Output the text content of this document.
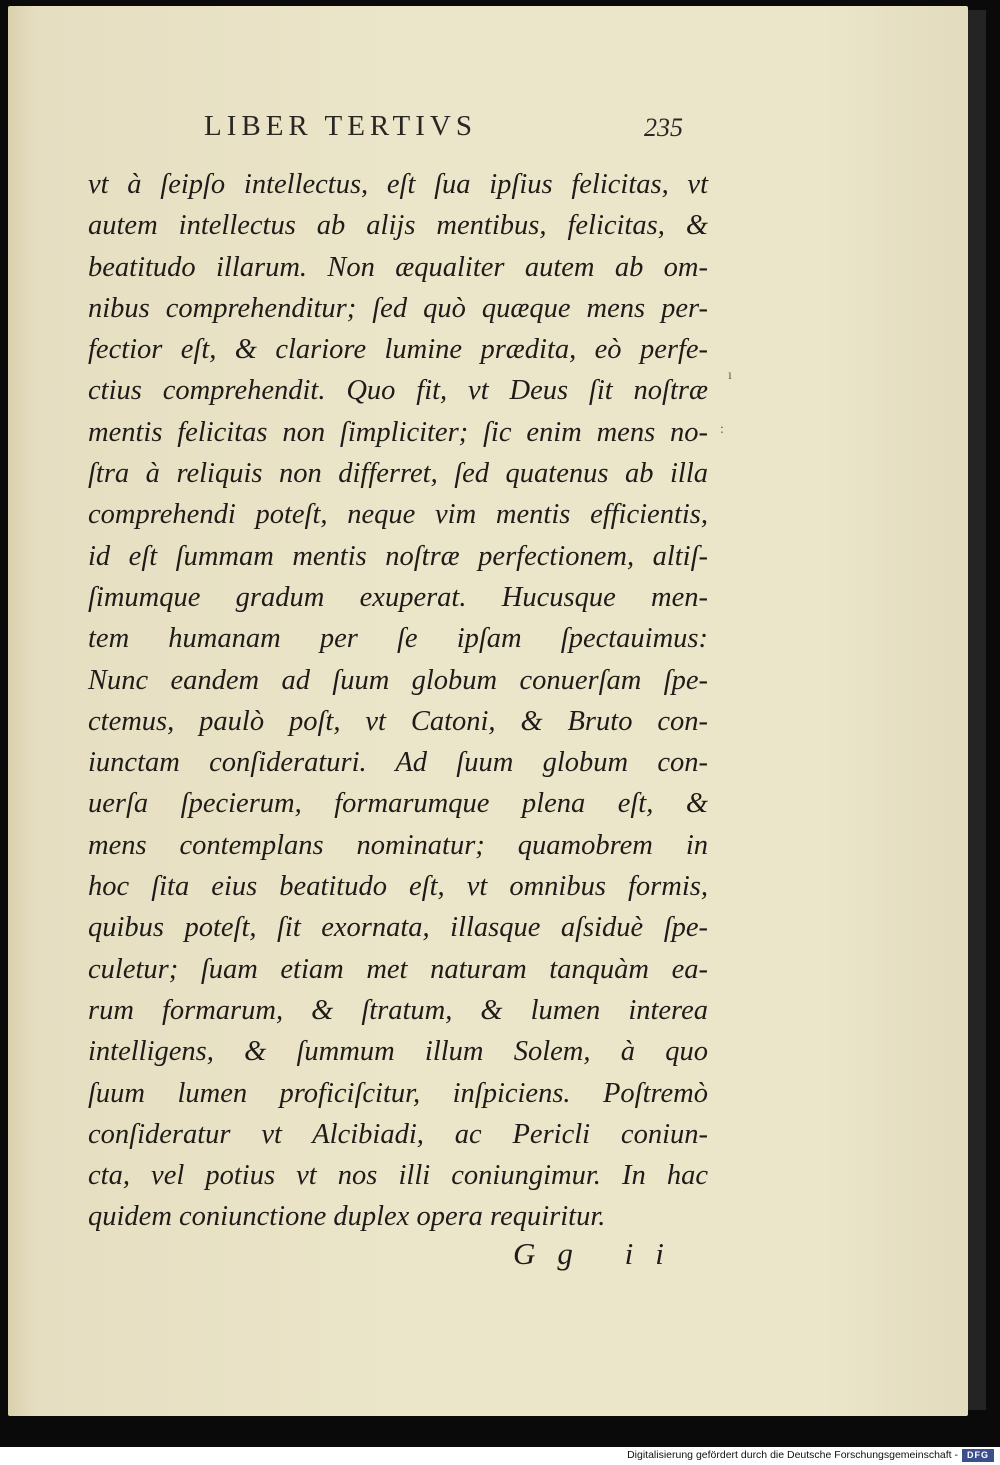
LIBER TERTIVS	235
vt à ſeipſo intellectus, eſt ſua ipſius felicitas, vt
autem intellectus ab alijs mentibus, felicitas, &
beatitudo illarum. Non æqualiter autem ab om-
nibus comprehenditur; ſed quò quæque mens per-
fectior eſt, & clariore lumine prædita, eò perfe-
ctius comprehendit. Quo fit, vt Deus ſit noſtræ
mentis felicitas non ſimpliciter; ſic enim mens no-
ſtra à reliquis non differret, ſed quatenus ab illa
comprehendi poteſt, neque vim mentis efficientis,
id eſt ſummam mentis noſtræ perfectionem, altiſ-
ſimumque gradum exuperat. Hucusque men-
tem humanam per ſe ipſam ſpectauimus:
Nunc eandem ad ſuum globum conuerſam ſpe-
ctemus, paulò poſt, vt Catoni, & Bruto con-
iunctam conſideraturi. Ad ſuum globum con-
uerſa ſpecierum, formarumque plena eſt, &
mens contemplans nominatur; quamobrem in
hoc ſita eius beatitudo eſt, vt omnibus formis,
quibus poteſt, ſit exornata, illasque aſsiduè ſpe-
culetur; ſuam etiam met naturam tanquàm ea-
rum formarum, & ſtratum, & lumen interea
intelligens, & ſummum illum Solem, à quo
ſuum lumen proficiſcitur, inſpiciens. Poſtremò
conſideratur vt Alcibiadi, ac Pericli coniun-
cta, vel potius vt nos illi coniungimur. In hac
quidem coniunctione duplex opera requiritur.
Gg ii
ı
:
Digitalisierung gefördert durch die Deutsche Forschungsgemeinschaft -	DFG
